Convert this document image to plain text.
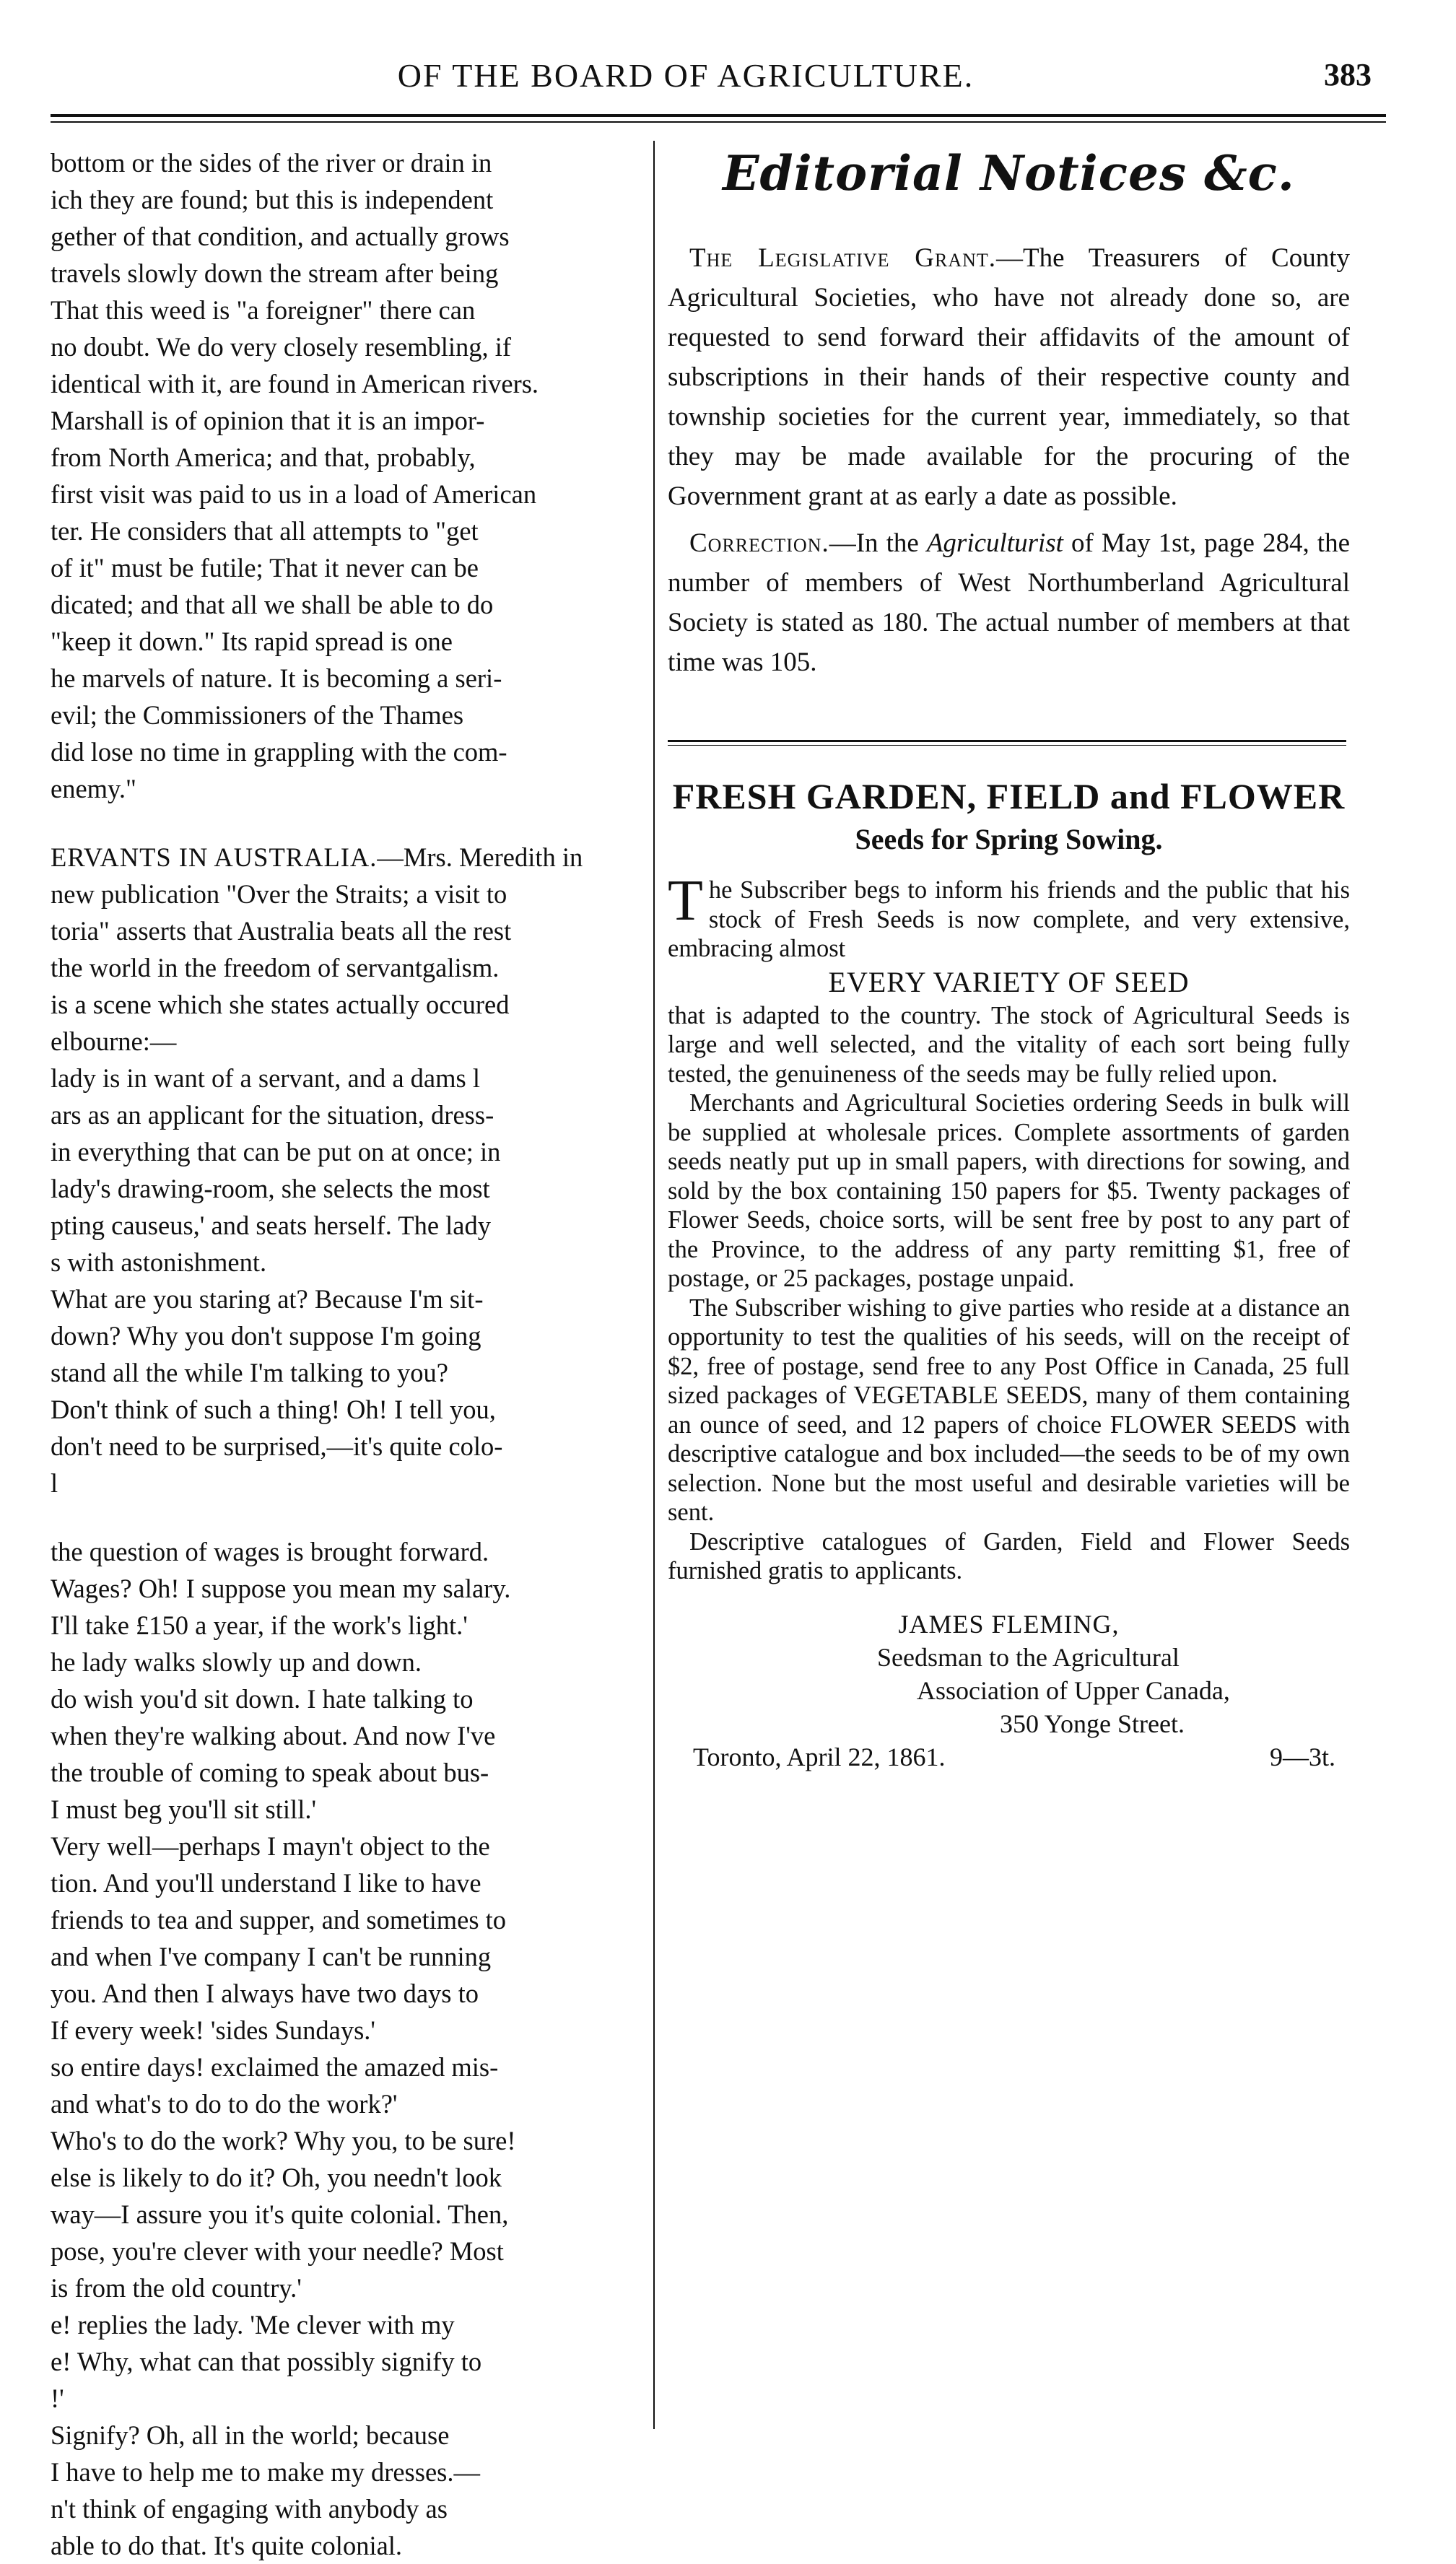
OF THE BOARD OF AGRICULTURE.	383

bottom or the sides of the river or drain in
ich they are found; but this is independent
gether of that condition, and actually grows
travels slowly down the stream after being
That this weed is "a foreigner" there can
no doubt. We do very closely resembling, if
identical with it, are found in American rivers.
Marshall is of opinion that it is an impor-
from North America; and that, probably,
first visit was paid to us in a load of American
ter. He considers that all attempts to "get
of it" must be futile; That it never can be
dicated; and that all we shall be able to do
"keep it down." Its rapid spread is one
he marvels of nature. It is becoming a seri-
evil; the Commissioners of the Thames
did lose no time in grappling with the com-
enemy."

ERVANTS IN AUSTRALIA.—Mrs. Meredith in
new publication "Over the Straits; a visit to
toria" asserts that Australia beats all the rest
the world in the freedom of servantgalism.
is a scene which she states actually occured
elbourne:—
lady is in want of a servant, and a dams l
ars as an applicant for the situation, dress-
in everything that can be put on at once; in
lady's drawing-room, she selects the most
pting causeus,' and seats herself. The lady
s with astonishment.
What are you staring at? Because I'm sit-
down? Why you don't suppose I'm going
stand all the while I'm talking to you?
Don't think of such a thing! Oh! I tell you,
don't need to be surprised,—it's quite colo-
l

the question of wages is brought forward.
Wages? Oh! I suppose you mean my salary.
I'll take £150 a year, if the work's light.'
he lady walks slowly up and down.
do wish you'd sit down. I hate talking to
when they're walking about. And now I've
the trouble of coming to speak about bus-
I must beg you'll sit still.'
Very well—perhaps I mayn't object to the
tion. And you'll understand I like to have
friends to tea and supper, and sometimes to
and when I've company I can't be running
you. And then I always have two days to
If every week! 'sides Sundays.'
so entire days! exclaimed the amazed mis-
and what's to do to do the work?'
Who's to do the work? Why you, to be sure!
else is likely to do it? Oh, you needn't look
way—I assure you it's quite colonial. Then,
pose, you're clever with your needle? Most
is from the old country.'
e! replies the lady. 'Me clever with my
e! Why, what can that possibly signify to
!'
Signify? Oh, all in the world; because
I have to help me to make my dresses.—
n't think of engaging with anybody as
able to do that. It's quite colonial.

Editorial Notices &c.

The Legislative Grant.—The Treasurers of County Agricultural Societies, who have not already done so, are requested to send forward their affidavits of the amount of subscriptions in their hands of their respective county and township societies for the current year, immediately, so that they may be made available for the procuring of the Government grant at as early a date as possible.

Correction.—In the Agriculturist of May 1st, page 284, the number of members of West Northumberland Agricultural Society is stated as 180. The actual number of members at that time was 105.

FRESH GARDEN, FIELD and FLOWER
Seeds for Spring Sowing.

The Subscriber begs to inform his friends and the public that his stock of Fresh Seeds is now complete, and very extensive, embracing almost

EVERY VARIETY OF SEED

that is adapted to the country. The stock of Agricultural Seeds is large and well selected, and the vitality of each sort being fully tested, the genuineness of the seeds may be fully relied upon.

Merchants and Agricultural Societies ordering Seeds in bulk will be supplied at wholesale prices. Complete assortments of garden seeds neatly put up in small papers, with directions for sowing, and sold by the box containing 150 papers for $5. Twenty packages of Flower Seeds, choice sorts, will be sent free by post to any part of the Province, to the address of any party remitting $1, free of postage, or 25 packages, postage unpaid.

The Subscriber wishing to give parties who reside at a distance an opportunity to test the qualities of his seeds, will on the receipt of $2, free of postage, send free to any Post Office in Canada, 25 full sized packages of VEGETABLE SEEDS, many of them containing an ounce of seed, and 12 papers of choice FLOWER SEEDS with descriptive catalogue and box included—the seeds to be of my own selection. None but the most useful and desirable varieties will be sent.

Descriptive catalogues of Garden, Field and Flower Seeds furnished gratis to applicants.

JAMES FLEMING,
Seedsman to the Agricultural
Association of Upper Canada,
350 Yonge Street.
Toronto, April 22, 1861.	9—3t.
